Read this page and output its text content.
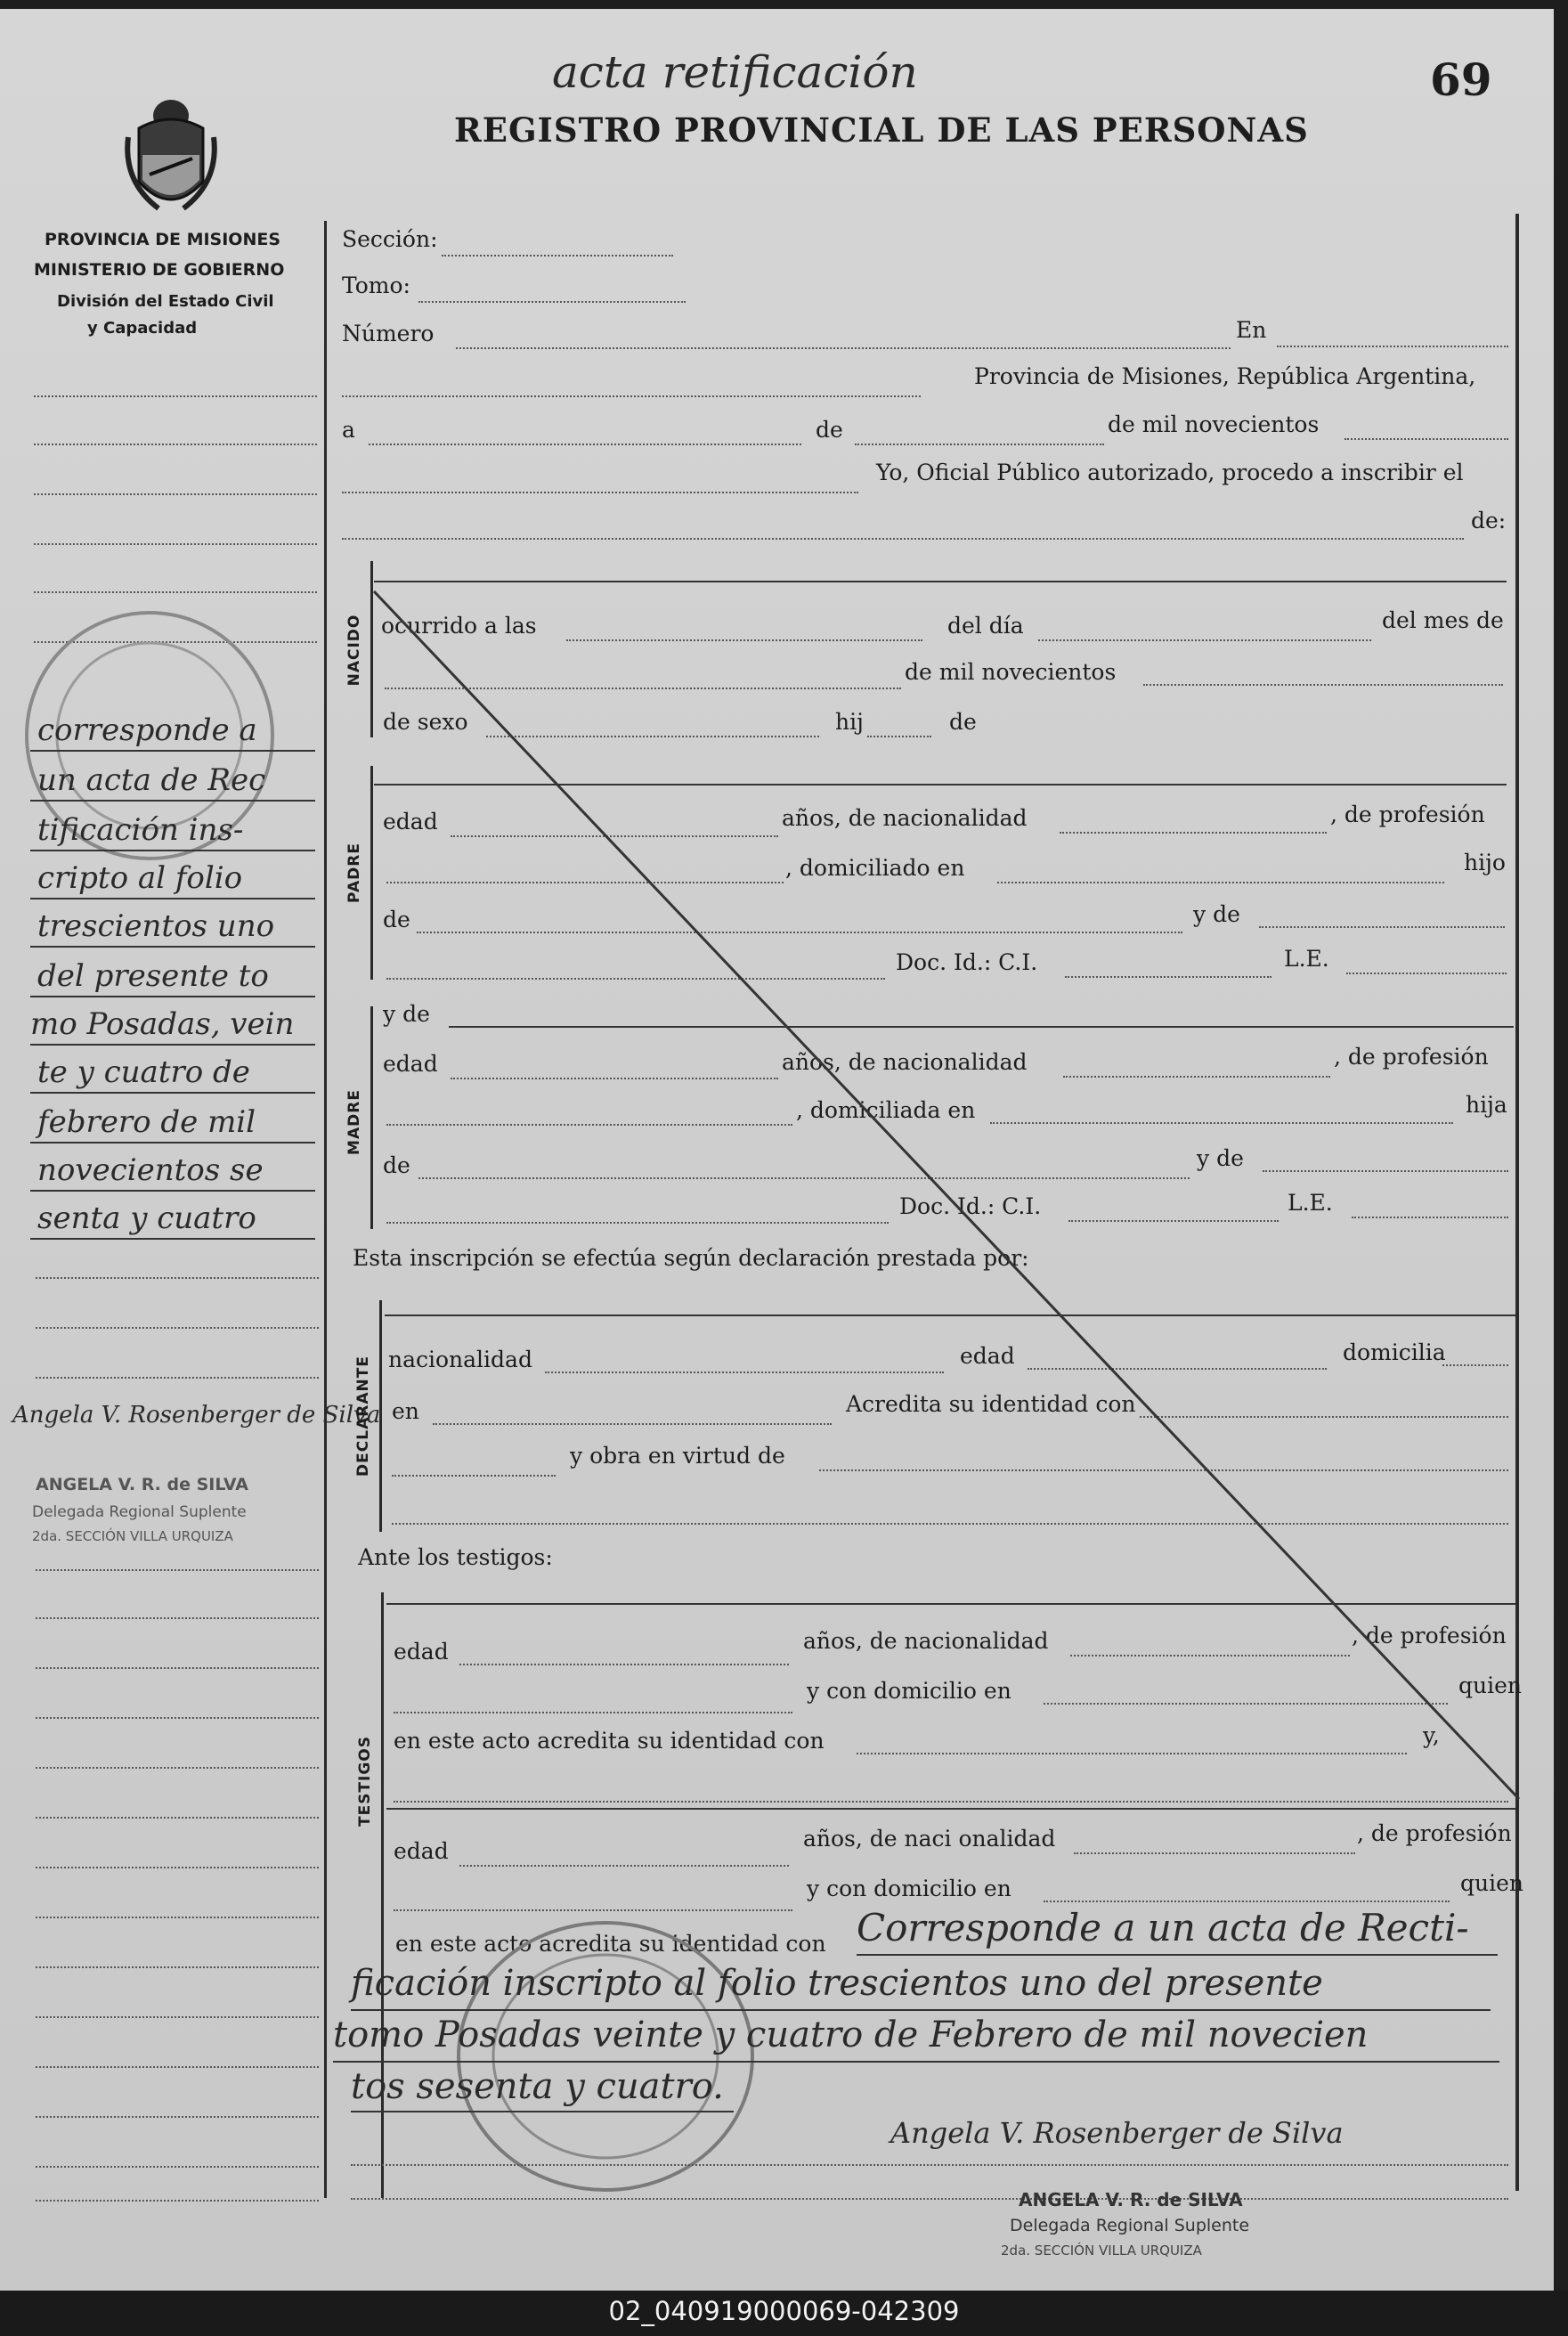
acta retificación	69
REGISTRO PROVINCIAL DE LAS PERSONAS
PROVINCIA DE MISIONES
MINISTERIO DE GOBIERNO
División del Estado Civil
y Capacidad
corresponde a
un acta de Rec
tificación ins-
cripto al folio
trescientos uno
del presente to
mo Posadas, vein
te y cuatro de
febrero de mil
novecientos se
senta y cuatro
Angela V. Rosenberger de Silva
ANGELA V. R. de SILVA
Delegada Regional Suplente
2da. SECCIÓN VILLA URQUIZA
Sección:
Tomo:
Número	En
Provincia de Misiones, República Argentina,
a	de	de mil novecientos
Yo, Oficial Público autorizado, procedo a inscribir el
de:
NACIDO ocurrido a las	del día	del mes de
de mil novecientos
de sexo	hij	de
PADRE
edad	años, de nacionalidad	, de profesión
, domiciliado en	hijo
de	y de
Doc. Id.: C.I.	L.E.
MADRE
y de
edad	años, de nacionalidad	, de profesión
, domiciliada en	hija
de	y de
Doc. Id.: C.I.	L.E.
Esta inscripción se efectúa según declaración prestada por:
DECLARANTE nacionalidad	edad	domicilia
en	Acredita su identidad con
y obra en virtud de
Ante los testigos:
TESTIGOS
edad	años, de nacionalidad	, de profesión
y con domicilio en	quien
en este acto acredita su identidad con	y,
edad	años, de naci onalidad	, de profesión
y con domicilio en	quien
en este acto acredita su identidad con Corresponde a un acta de Recti-
ficación inscripto al folio trescientos uno del presente
tomo Posadas veinte y cuatro de Febrero de mil novecien
tos sesenta y cuatro.
Angela V. Rosenberger de Silva
ANGELA V. R. de SILVA
Delegada Regional Suplente
2da. SECCIÓN VILLA URQUIZA
02_040919000069-042309
